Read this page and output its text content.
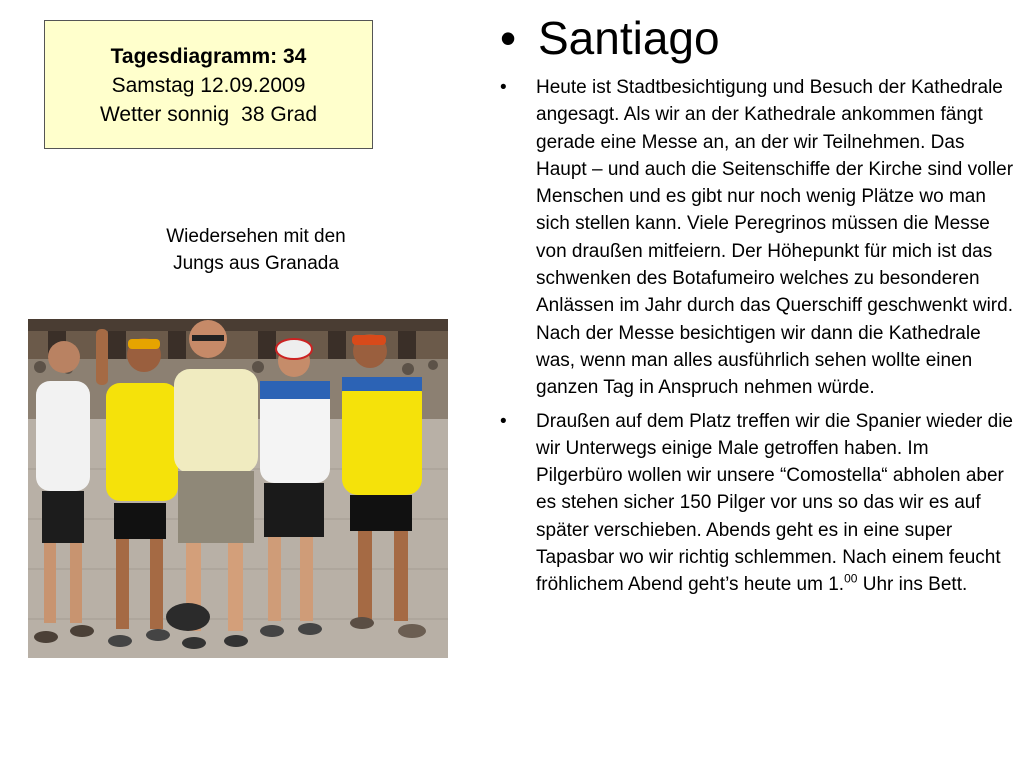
Tagesdiagramm: 34
Samstag 12.09.2009
Wetter sonnig 38 Grad
Wiedersehen mit den
Jungs aus Granada
• Santiago
• Heute ist Stadtbesichtigung und Besuch der Kathedrale angesagt. Als wir an der Kathedrale ankommen fängt gerade eine Messe an, an der wir Teilnehmen. Das Haupt – und auch die Seitenschiffe der Kirche sind voller Menschen und es gibt nur noch wenig Plätze wo man sich stellen kann. Viele Peregrinos müssen die Messe von draußen mitfeiern. Der Höhepunkt für mich ist das schwenken des Botafumeiro welches zu besonderen Anlässen im Jahr durch das Querschiff geschwenkt wird. Nach der Messe besichtigen wir dann die Kathedrale was, wenn man alles ausführlich sehen wollte einen ganzen Tag in Anspruch nehmen würde.
• Draußen auf dem Platz treffen wir die Spanier wieder die wir Unterwegs einige Male getroffen haben. Im Pilgerbüro wollen wir unsere “Comostella“ abholen aber es stehen sicher 150 Pilger vor uns so das wir es auf später verschieben. Abends geht es in eine super Tapasbar wo wir richtig schlemmen. Nach einem feucht fröhlichem Abend geht’s heute um 1.00 Uhr ins Bett.
